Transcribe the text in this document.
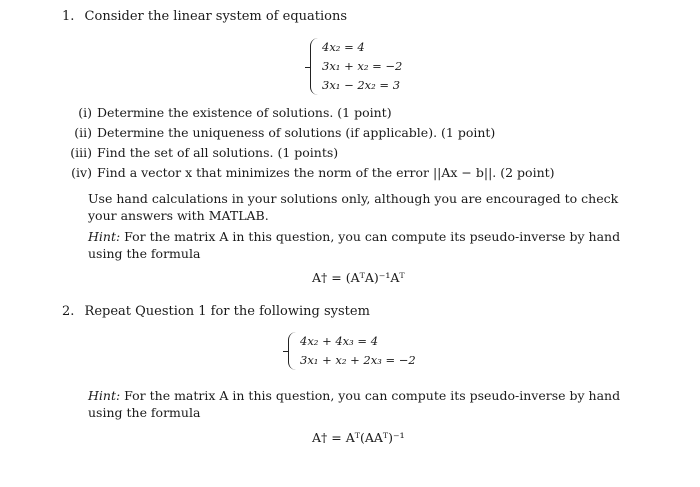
1. Consider the linear system of equations
4x₂ = 4
3x₁ + x₂ = −2
3x₁ − 2x₂ = 3
(i) Determine the existence of solutions. (1 point)
(ii) Determine the uniqueness of solutions (if applicable). (1 point)
(iii) Find the set of all solutions. (1 points)
(iv) Find a vector x that minimizes the norm of the error ||Ax − b||. (2 point)
Use hand calculations in your solutions only, although you are encouraged to check your answers with MATLAB.
Hint: For the matrix A in this question, you can compute its pseudo-inverse by hand using the formula
A† = (AᵀA)⁻¹Aᵀ
2. Repeat Question 1 for the following system
4x₂ + 4x₃ = 4
3x₁ + x₂ + 2x₃ = −2
Hint: For the matrix A in this question, you can compute its pseudo-inverse by hand using the formula
A† = Aᵀ(AAᵀ)⁻¹
